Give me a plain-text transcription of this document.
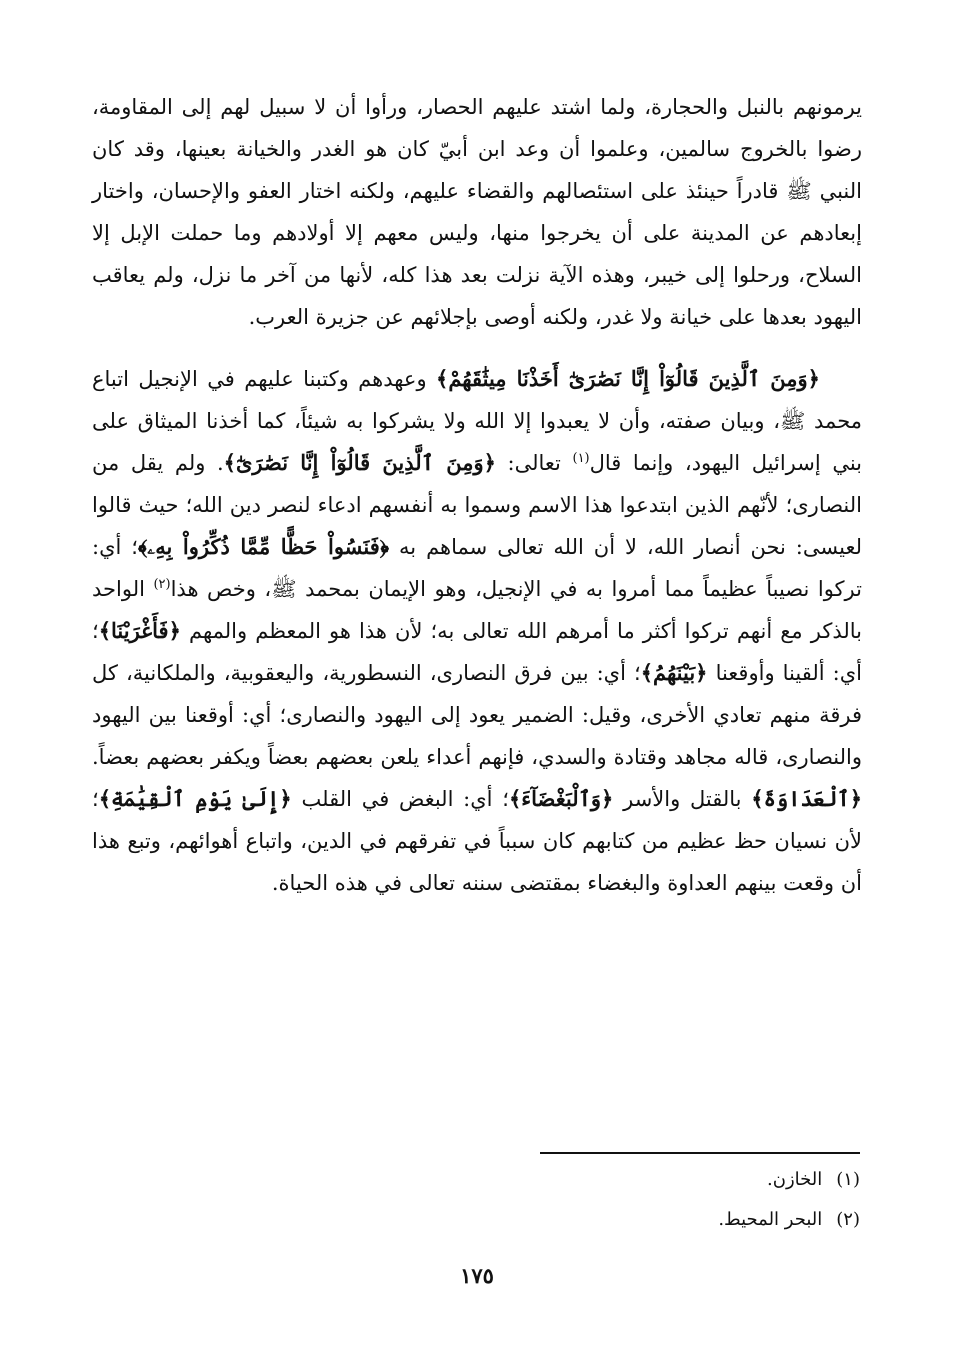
يرمونهم بالنبل والحجارة، ولما اشتد عليهم الحصار، ورأوا أن لا سبيل لهم إلى المقاومة، رضوا بالخروج سالمين، وعلموا أن وعد ابن أبيّ كان هو الغدر والخيانة بعينها، وقد كان النبي ﷺ قادراً حينئذ على استئصالهم والقضاء عليهم، ولكنه اختار العفو والإحسان، واختار إبعادهم عن المدينة على أن يخرجوا منها، وليس معهم إلا أولادهم وما حملت الإبل إلا السلاح، ورحلوا إلى خيبر، وهذه الآية نزلت بعد هذا كله، لأنها من آخر ما نزل، ولم يعاقب اليهود بعدها على خيانة ولا غدر، ولكنه أوصى بإجلائهم عن جزيرة العرب.

﴿وَمِنَ ٱلَّذِينَ قَالُوٓاْ إِنَّا نَصَٰرَىٰٓ أَخَذْنَا مِيثَٰقَهُمْ﴾ وعهدهم وكتبنا عليهم في الإنجيل اتباع محمد ﷺ، وبيان صفته، وأن لا يعبدوا إلا الله ولا يشركوا به شيئاً، كما أخذنا الميثاق على بني إسرائيل اليهود، وإنما قال$^{(١)}$ تعالى: ﴿وَمِنَ ٱلَّذِينَ قَالُوٓاْ إِنَّا نَصَٰرَىٰٓ﴾. ولم يقل من النصارى؛ لأنّهم الذين ابتدعوا هذا الاسم وسموا به أنفسهم ادعاء لنصر دين الله؛ حيث قالوا لعيسى: نحن أنصار الله، لا أن الله تعالى سماهم به ﴿فَنَسُواْ حَظًّا مِّمَّا ذُكِّرُواْ بِهِۦ﴾؛ أي: تركوا نصيباً عظيماً مما أمروا به في الإنجيل، وهو الإيمان بمحمد ﷺ، وخص هذا$^{(٢)}$ الواحد بالذكر مع أنهم تركوا أكثر ما أمرهم الله تعالى به؛ لأن هذا هو المعظم والمهم ﴿فَأَغْرَيْنَا﴾؛ أي: ألقينا وأوقعنا ﴿بَيْنَهُمُ﴾؛ أي: بين فرق النصارى، النسطورية، واليعقوبية، والملكانية، كل فرقة منهم تعادي الأخرى، وقيل: الضمير يعود إلى اليهود والنصارى؛ أي: أوقعنا بين اليهود والنصارى، قاله مجاهد وقتادة والسدي، فإنهم أعداء يلعن بعضهم بعضاً ويكفر بعضهم بعضاً. ﴿ٱلْعَدَاوَةَ﴾ بالقتل والأسر ﴿وَٱلْبَغْضَآءَ﴾؛ أي: البغض في القلب ﴿إِلَىٰ يَوْمِ ٱلْقِيَٰمَةِ﴾؛ لأن نسيان حظ عظيم من كتابهم كان سبباً في تفرقهم في الدين، واتباع أهوائهم، وتبع هذا أن وقعت بينهم العداوة والبغضاء بمقتضى سننه تعالى في هذه الحياة.

(١)الخازن.
(٢)البحر المحيط.
١٧٥
